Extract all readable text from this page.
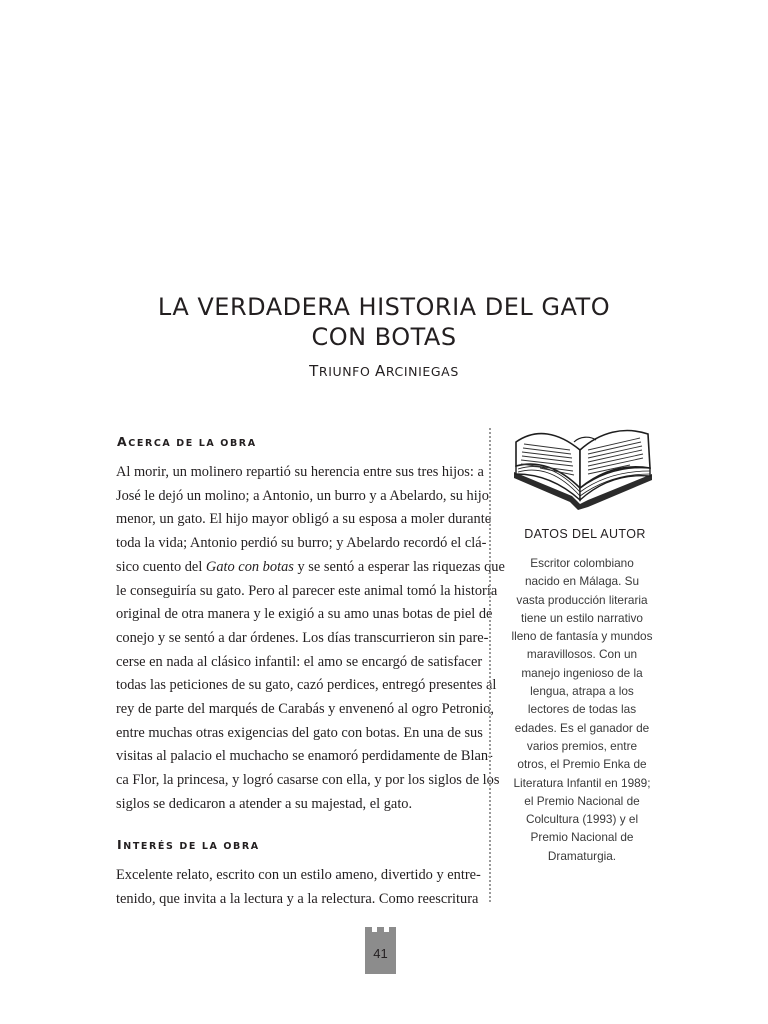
LA VERDADERA HISTORIA DEL GATO
CON BOTAS
TRIUNFO ARCINIEGAS
ACERCA DE LA OBRA
Al morir, un molinero repartió su herencia entre sus tres hijos: a
José le dejó un molino; a Antonio, un burro y a Abelardo, su hijo
menor, un gato. El hijo mayor obligó a su esposa a moler durante
toda la vida; Antonio perdió su burro; y Abelardo recordó el clá-
sico cuento del Gato con botas y se sentó a esperar las riquezas que
le conseguiría su gato. Pero al parecer este animal tomó la historia
original de otra manera y le exigió a su amo unas botas de piel de
conejo y se sentó a dar órdenes. Los días transcurrieron sin pare-
cerse en nada al clásico infantil: el amo se encargó de satisfacer
todas las peticiones de su gato, cazó perdices, entregó presentes al
rey de parte del marqués de Carabás y envenenó al ogro Petronio,
entre muchas otras exigencias del gato con botas. En una de sus
visitas al palacio el muchacho se enamoró perdidamente de Blan-
ca Flor, la princesa, y logró casarse con ella, y por los siglos de los
siglos se dedicaron a atender a su majestad, el gato.
INTERÉS DE LA OBRA
Excelente relato, escrito con un estilo ameno, divertido y entre-
tenido, que invita a la lectura y a la relectura. Como reescritura
DATOS DEL AUTOR
Escritor colombiano
nacido en Málaga. Su
vasta producción literaria
tiene un estilo narrativo
lleno de fantasía y mundos
maravillosos. Con un
manejo ingenioso de la
lengua, atrapa a los
lectores de todas las
edades. Es el ganador de
varios premios, entre
otros, el Premio Enka de
Literatura Infantil en 1989;
el Premio Nacional de
Colcultura (1993) y el
Premio Nacional de
Dramaturgia.
41
